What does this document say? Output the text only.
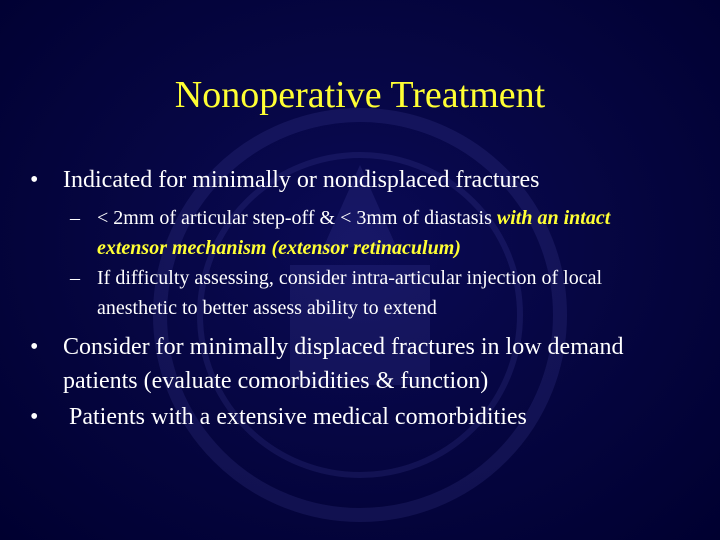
Nonoperative Treatment
•	Indicated for minimally or nondisplaced fractures
– < 2mm of articular step-off & < 3mm of diastasis with an intact extensor mechanism (extensor retinaculum)
– If difficulty assessing, consider intra-articular injection of local anesthetic to better assess ability to extend
•	Consider for minimally displaced fractures in low demand patients (evaluate comorbidities & function)
•	Patients with a extensive medical comorbidities
